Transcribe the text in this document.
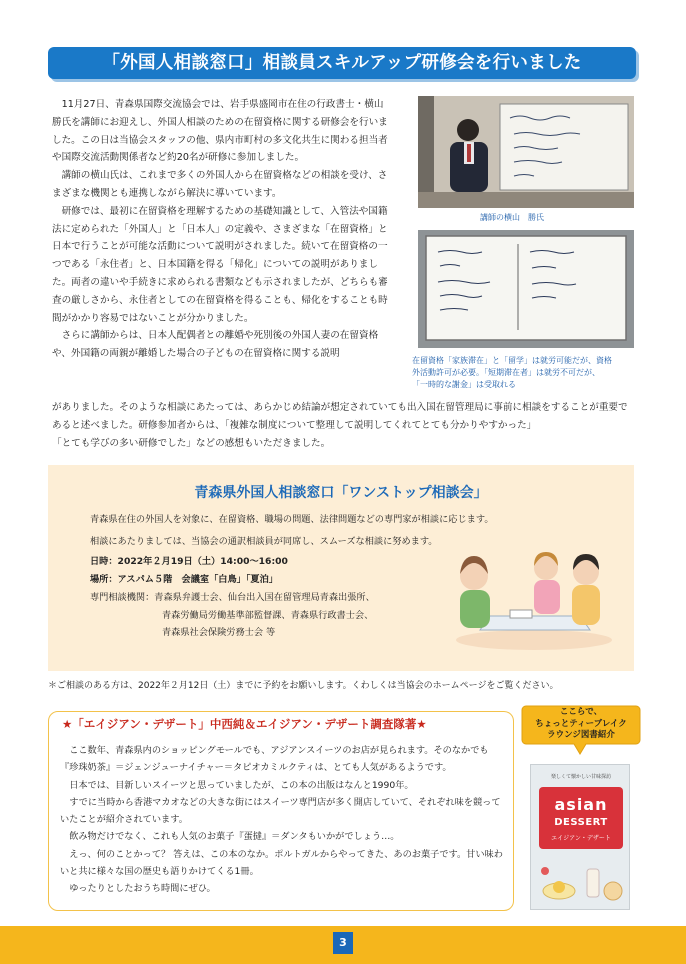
「外国人相談窓口」相談員スキルアップ研修会を行いました

11月27日、青森県国際交流協会では、岩手県盛岡市在住の行政書士・横山　勝氏を講師にお迎えし、外国人相談のための在留資格に関する研修会を行いました。この日は当協会スタッフの他、県内市町村の多文化共生に関わる担当者や国際交流活動関係者など約20名が研修に参加しました。

講師の横山氏は、これまで多くの外国人から在留資格などの相談を受け、さまざまな機関とも連携しながら解決に導いています。

研修では、最初に在留資格を理解するための基礎知識として、入管法や国籍法に定められた「外国人」と「日本人」の定義や、さまざまな「在留資格」と日本で行うことが可能な活動について説明がされました。続いて在留資格の一つである「永住者」と、日本国籍を得る「帰化」についての説明がありました。両者の違いや手続きに求められる書類なども示されましたが、どちらも審査の厳しさから、永住者としての在留資格を得ることも、帰化をすることも時間がかかり容易ではないことが分かりました。

さらに講師からは、日本人配偶者との離婚や死別後の外国人妻の在留資格や、外国籍の両親が離婚した場合の子どもの在留資格に関する説明

がありました。そのような相談にあたっては、あらかじめ結論が想定されていても出入国在留管理局に事前に相談をすることが重要であると述べました。研修参加者からは、「複雑な制度について整理して説明してくれてとても分かりやすかった」
「とても学びの多い研修でした」などの感想もいただきました。
講師の横山　勝氏
在留資格「家族滞在」と「留学」は就労可能だが、資格
外活動許可が必要。「短期滞在者」は就労不可だが、
「一時的な謝金」は受取れる
青森県外国人相談窓口「ワンストップ相談会」
青森県在住の外国人を対象に、在留資格、職場の問題、法律問題などの専門家が相談に応じます。
相談にあたりましては、当協会の通訳相談員が同席し、スムーズな相談に努めます。
日時：2022年２月19日（土）14:00～16:00
場所：アスパム５階　会議室「白鳥」「夏泊」
専門相談機関：青森県弁護士会、仙台出入国在留管理局青森出張所、
青森労働局労働基準部監督課、青森県行政書士会、
青森県社会保険労務士会 等
＊ご相談のある方は、2022年２月12日（土）までに予約をお願いします。くわしくは当協会のホームページをご覧ください。
★「エイジアン・デザート」中西純＆エイジアン・デザート調査隊著★

ここ数年、青森県内のショッピングモールでも、アジアンスイーツのお店が見られます。そのなかでも『珍珠奶茶』＝ジェンジューナイチャー＝タピオカミルクティは、とても人気があるようです。

日本では、目新しいスイーツと思っていましたが、この本の出版はなんと1990年。

すでに当時から香港マカオなどの大きな街にはスイーツ専門店が多く開店していて、それぞれ味を競っていたことが紹介されています。

飲み物だけでなく、これも人気のお菓子『蛋撻』＝ダンタもいかがでしょう…。

えっ、何のことかって？ 答えは、この本のなか。ポルトガルからやってきた、あのお菓子です。甘い味わいと共に様々な国の歴史も語りかけてくる1冊。

ゆったりとしたおうち時間にぜひ。

ここらで、
ちょっとティーブレイク
ラウンジ図書紹介
楽しくて懐かしい甘味探訪
asian
DESSERT
エイジアン・デザート
3
